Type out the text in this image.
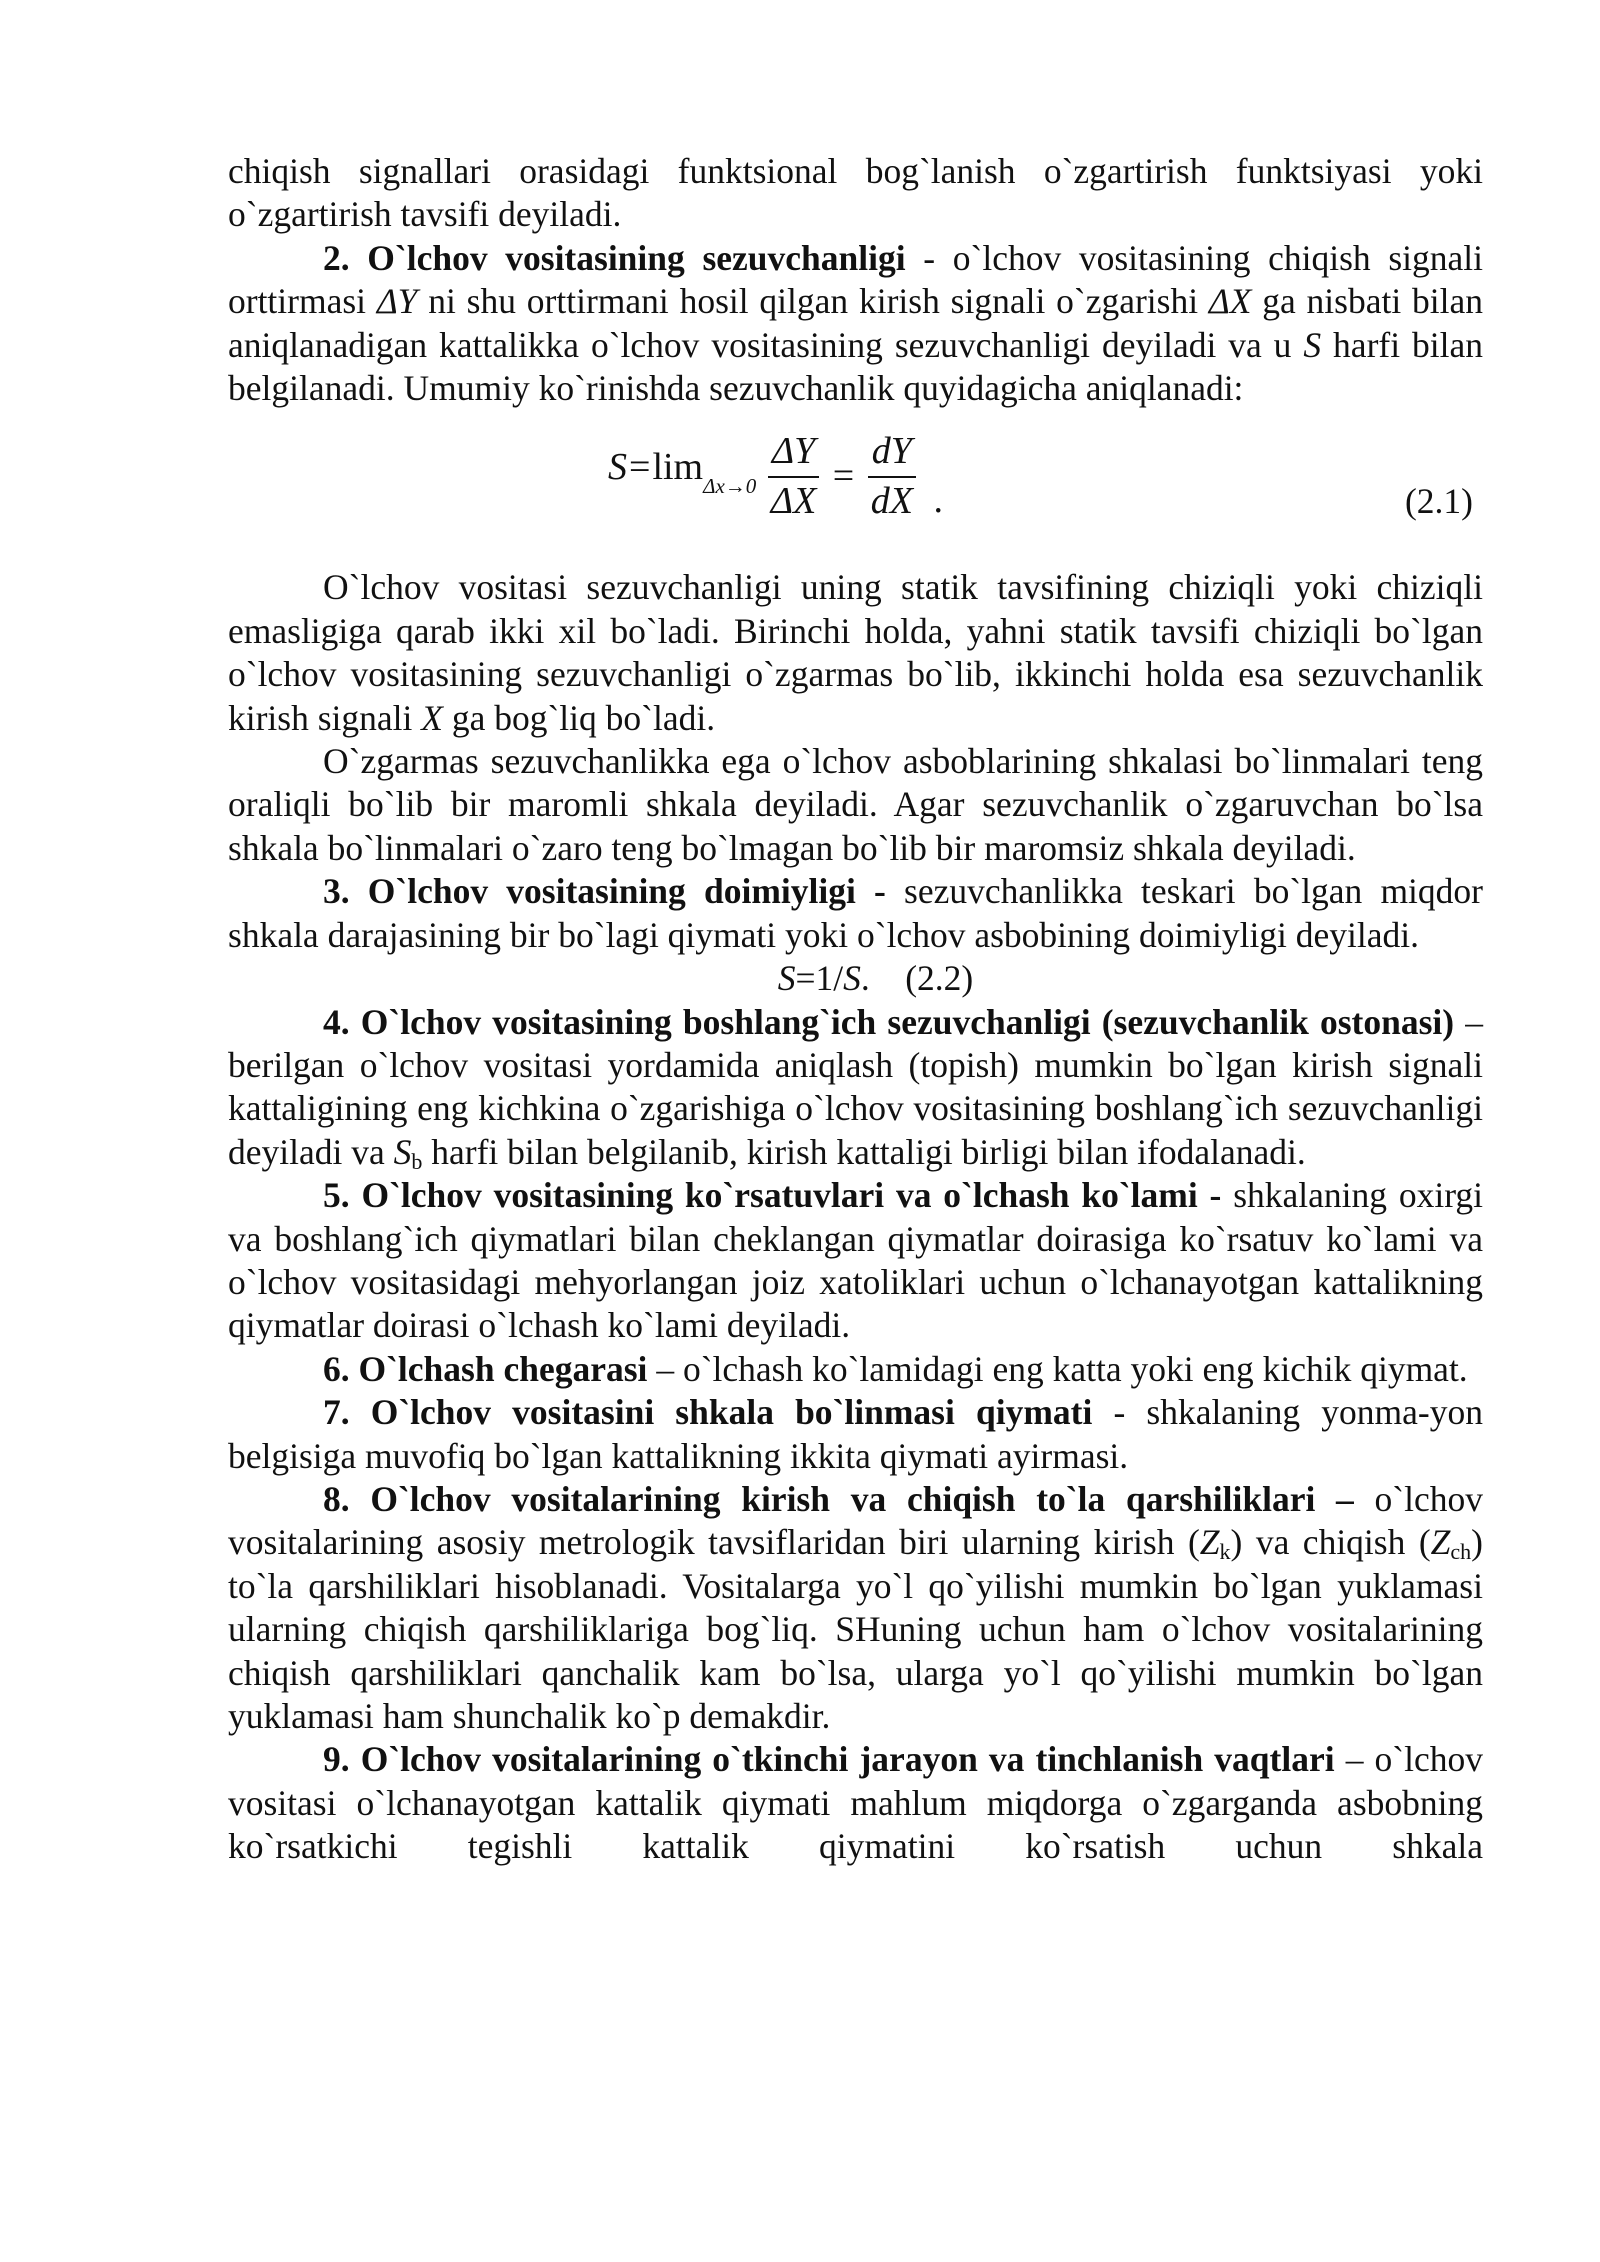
chiqish signallari orasidagi funktsional bog`lanish o`zgartirish funktsiyasi yoki

o`zgartirish tavsifi deyiladi.

2. O`lchov vositasining sezuvchanligi - o`lchov vositasining chiqish signali orttirmasi ΔY ni shu orttirmani hosil qilgan kirish signali o`zgarishi ΔX ga nisbati bilan aniqlanadigan kattalikka o`lchov vositasining sezuvchanligi deyiladi va u S harfi bilan belgilanadi. Umumiy ko`rinishda sezuvchanlik quyidagicha aniqlanadi:

$S=\lim_{\Delta x\to 0} \frac{\Delta Y}{\Delta X} = \frac{dY}{dX}$ .	(2.1)

O`lchov vositasi sezuvchanligi uning statik tavsifining chiziqli yoki chiziqli emasligiga qarab ikki xil bo`ladi. Birinchi holda, yahni statik tavsifi chiziqli bo`lgan o`lchov vositasining sezuvchanligi o`zgarmas bo`lib, ikkinchi holda esa sezuvchanlik kirish signali X ga bog`liq bo`ladi.

O`zgarmas sezuvchanlikka ega o`lchov asboblarining shkalasi bo`linmalari teng oraliqli bo`lib bir maromli shkala deyiladi. Agar sezuvchanlik o`zgaruvchan bo`lsa shkala bo`linmalari o`zaro teng bo`lmagan bo`lib bir maromsiz shkala deyiladi.

3. O`lchov vositasining doimiyligi - sezuvchanlikka teskari bo`lgan miqdor shkala darajasining bir bo`lagi qiymati yoki o`lchov asbobining doimiyligi deyiladi.

S=1/S. (2.2)

4. O`lchov vositasining boshlang`ich sezuvchanligi (sezuvchanlik ostonasi) – berilgan o`lchov vositasi yordamida aniqlash (topish) mumkin bo`lgan kirish signali kattaligining eng kichkina o`zgarishiga o`lchov vositasining boshlang`ich sezuvchanligi deyiladi va $S_b$ harfi bilan belgilanib, kirish kattaligi birligi bilan ifodalanadi.

5. O`lchov vositasining ko`rsatuvlari va o`lchash ko`lami - shkalaning oxirgi va boshlang`ich qiymatlari bilan cheklangan qiymatlar doirasiga ko`rsatuv ko`lami va o`lchov vositasidagi mehyorlangan joiz xatoliklari uchun o`lchanayotgan kattalikning qiymatlar doirasi o`lchash ko`lami deyiladi.

6. O`lchash chegarasi – o`lchash ko`lamidagi eng katta yoki eng kichik qiymat.

7. O`lchov vositasini shkala bo`linmasi qiymati - shkalaning yonma-yon belgisiga muvofiq bo`lgan kattalikning ikkita qiymati ayirmasi.

8. O`lchov vositalarining kirish va chiqish to`la qarshiliklari – o`lchov vositalarining asosiy metrologik tavsiflaridan biri ularning kirish $(Z_k)$ va chiqish $(Z_{ch})$ to`la qarshiliklari hisoblanadi. Vositalarga yo`l qo`yilishi mumkin bo`lgan yuklamasi ularning chiqish qarshiliklariga bog`liq. SHuning uchun ham o`lchov vositalarining chiqish qarshiliklari qanchalik kam bo`lsa, ularga yo`l qo`yilishi mumkin bo`lgan yuklamasi ham shunchalik ko`p demakdir.

9. O`lchov vositalarining o`tkinchi jarayon va tinchlanish vaqtlari – o`lchov vositasi o`lchanayotgan kattalik qiymati mahlum miqdorga o`zgarganda asbobning ko`rsatkichi tegishli kattalik qiymatini ko`rsatish uchun shkala
